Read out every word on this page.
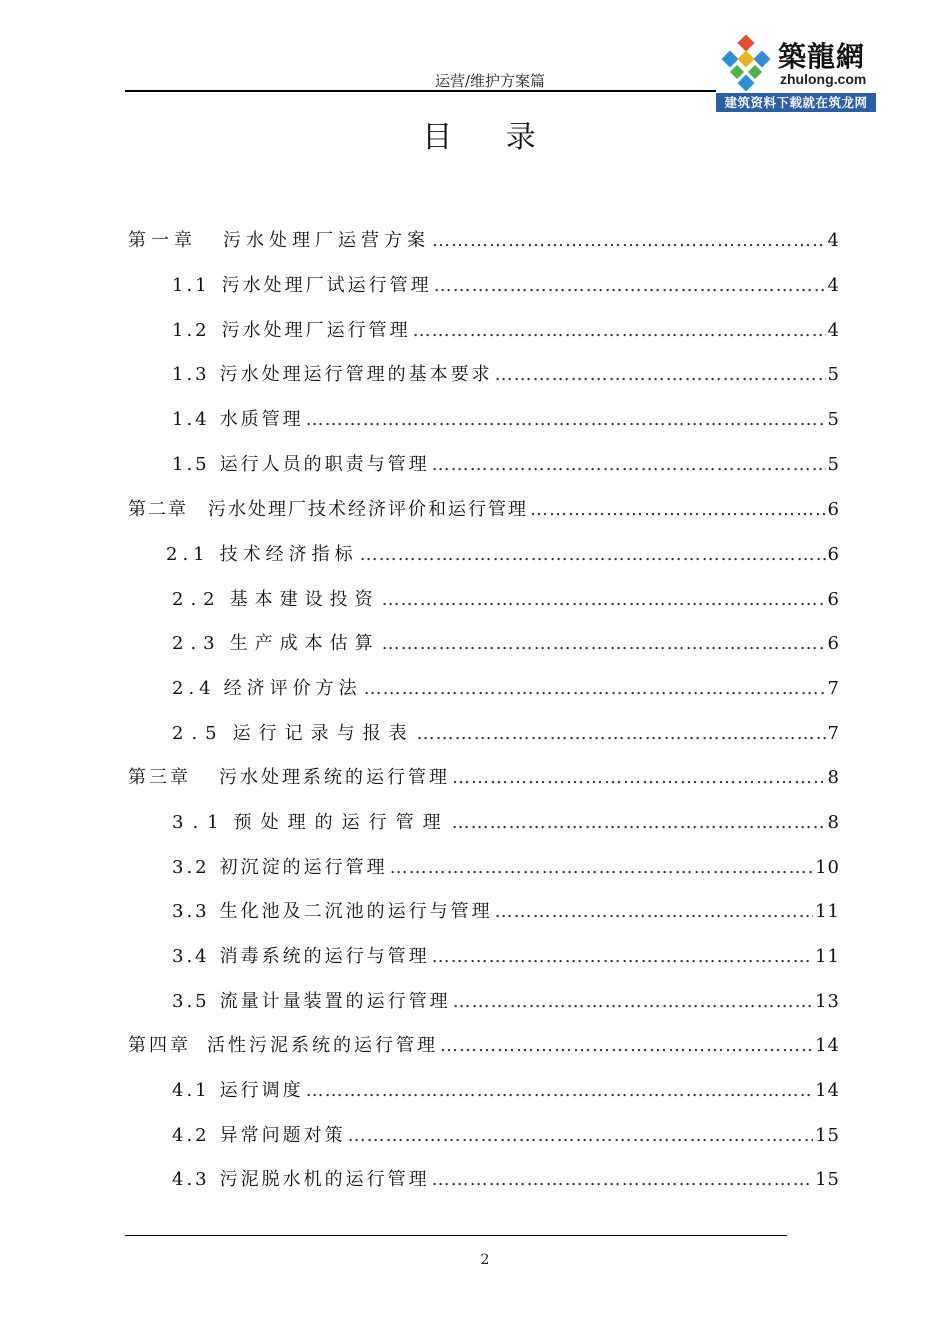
运营/维护方案篇
築龍網
zhulong.com
建筑资料下载就在筑龙网
目 录
第一章 污水处理厂运营方案 …………………………………………………………………………………………………………………………………………	4
1.1 污水处理厂试运行管理 …………………………………………………………………………………………………………………………………………	4
1.2 污水处理厂运行管理 …………………………………………………………………………………………………………………………………………	4
1.3 污水处理运行管理的基本要求 …………………………………………………………………………………………………………………………………………	5
1.4 水质管理 …………………………………………………………………………………………………………………………………………	5
1.5 运行人员的职责与管理 …………………………………………………………………………………………………………………………………………	5
第二章 污水处理厂技术经济评价和运行管理 …………………………………………………………………………………………………………………………………………	6
2.1 技术经济指标 …………………………………………………………………………………………………………………………………………	6
2.2 基本建设投资 …………………………………………………………………………………………………………………………………………	6
2.3 生产成本估算 …………………………………………………………………………………………………………………………………………	6
2.4 经济评价方法 …………………………………………………………………………………………………………………………………………	7
2.5 运行记录与报表 …………………………………………………………………………………………………………………………………………	7
第三章 污水处理系统的运行管理 …………………………………………………………………………………………………………………………………………	8
3.1 预处理的运行管理 …………………………………………………………………………………………………………………………………………	8
3.2 初沉淀的运行管理 …………………………………………………………………………………………………………………………………………	10
3.3 生化池及二沉池的运行与管理 …………………………………………………………………………………………………………………………………………	11
3.4 消毒系统的运行与管理 …………………………………………………………………………………………………………………………………………	11
3.5 流量计量装置的运行管理 …………………………………………………………………………………………………………………………………………	13
第四章 活性污泥系统的运行管理 …………………………………………………………………………………………………………………………………………	14
4.1 运行调度 …………………………………………………………………………………………………………………………………………	14
4.2 异常问题对策 …………………………………………………………………………………………………………………………………………	15
4.3 污泥脱水机的运行管理 …………………………………………………………………………………………………………………………………………	15
2
